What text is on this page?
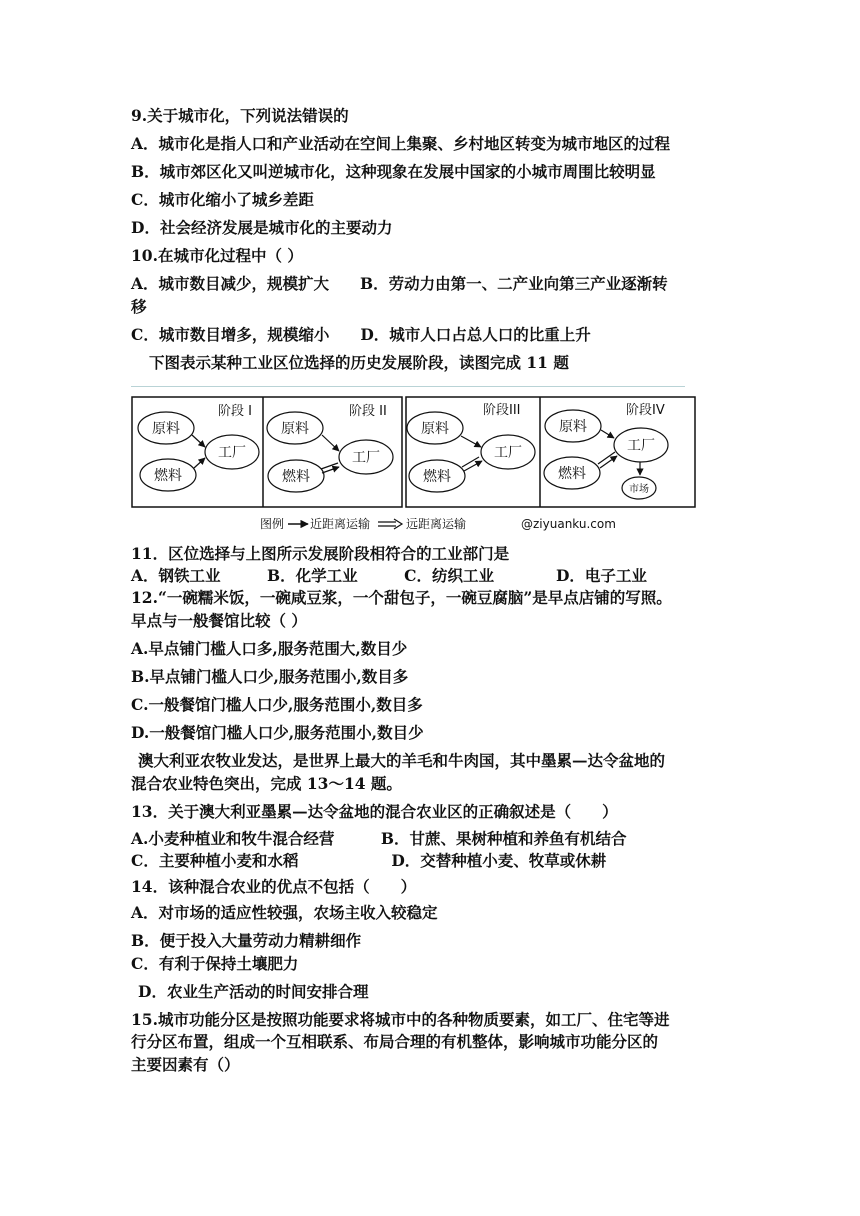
9.关于城市化，下列说法错误的
A．城市化是指人口和产业活动在空间上集聚、乡村地区转变为城市地区的过程
B．城市郊区化又叫逆城市化，这种现象在发展中国家的小城市周围比较明显
C．城市化缩小了城乡差距
D．社会经济发展是城市化的主要动力
10.在城市化过程中（ ）
A．城市数目减少，规模扩大　　B．劳动力由第一、二产业向第三产业逐渐转
移
C．城市数目增多，规模缩小　　D．城市人口占总人口的比重上升
下图表示某种工业区位选择的历史发展阶段，读图完成 11 题
阶段 I	阶段 II	阶段III	阶段IV
原料
燃料
工厂
原料
燃料
工厂
原料
燃料
工厂
原料
燃料
工厂
市场
图例 近距离运输	远距离运输	@ziyuanku.com
11．区位选择与上图所示发展阶段相符合的工业部门是
A．钢铁工业　　　B．化学工业　　　C．纺织工业　　　　D．电子工业
12.“一碗糯米饭，一碗咸豆浆，一个甜包子，一碗豆腐脑”是早点店铺的写照。
早点与一般餐馆比较（ ）
A.早点铺门槛人口多,服务范围大,数目少
B.早点铺门槛人口少,服务范围小,数目多
C.一般餐馆门槛人口少,服务范围小,数目多
D.一般餐馆门槛人口少,服务范围小,数目少
澳大利亚农牧业发达，是世界上最大的羊毛和牛肉国，其中墨累—达令盆地的
混合农业特色突出，完成 13～14 题。
13．关于澳大利亚墨累—达令盆地的混合农业区的正确叙述是（　　）
A.小麦种植业和牧牛混合经营　　　B．甘蔗、果树种植和养鱼有机结合
C．主要种植小麦和水稻　　　　　　D．交替种植小麦、牧草或休耕
14．该种混合农业的优点不包括（　　）
A．对市场的适应性较强，农场主收入较稳定
B．便于投入大量劳动力精耕细作
C．有利于保持土壤肥力
D．农业生产活动的时间安排合理
15.城市功能分区是按照功能要求将城市中的各种物质要素，如工厂、住宅等进
行分区布置，组成一个互相联系、布局合理的有机整体，影响城市功能分区的
主要因素有（）
